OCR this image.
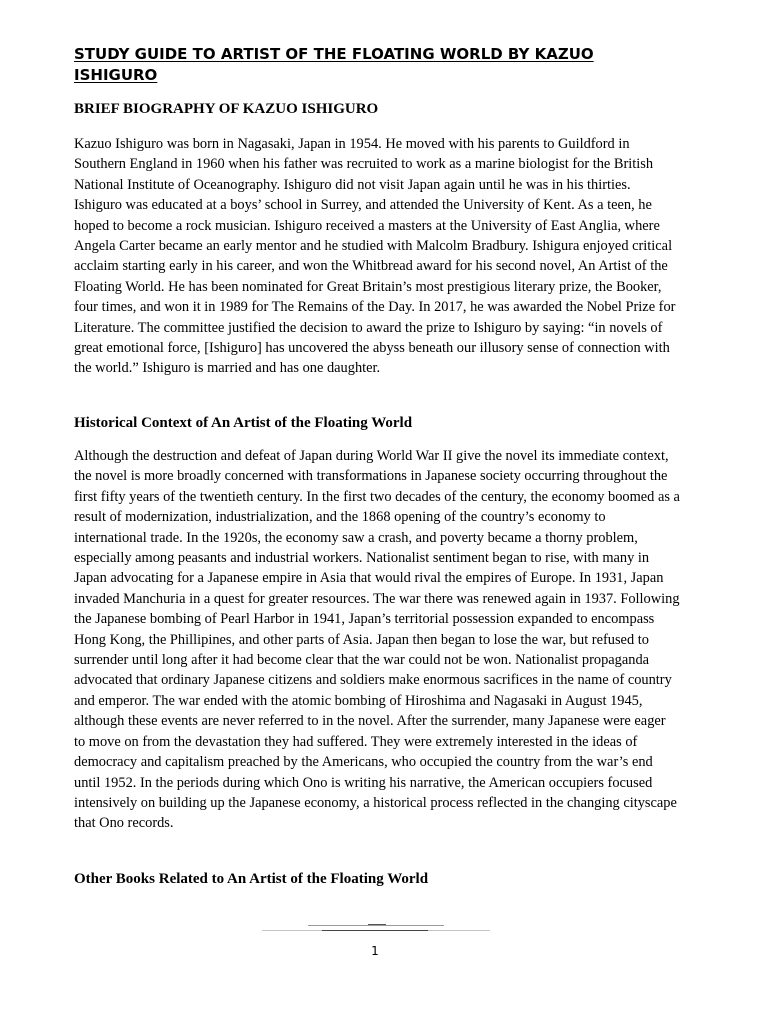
STUDY GUIDE TO ARTIST OF THE FLOATING WORLD BY KAZUO ISHIGURO
BRIEF BIOGRAPHY OF KAZUO ISHIGURO

Kazuo Ishiguro was born in Nagasaki, Japan in 1954. He moved with his parents to Guildford in Southern England in 1960 when his father was recruited to work as a marine biologist for the British National Institute of Oceanography. Ishiguro did not visit Japan again until he was in his thirties. Ishiguro was educated at a boys’ school in Surrey, and attended the University of Kent. As a teen, he hoped to become a rock musician. Ishiguro received a masters at the University of East Anglia, where Angela Carter became an early mentor and he studied with Malcolm Bradbury. Ishigura enjoyed critical acclaim starting early in his career, and won the Whitbread award for his second novel, An Artist of the Floating World. He has been nominated for Great Britain’s most prestigious literary prize, the Booker, four times, and won it in 1989 for The Remains of the Day. In 2017, he was awarded the Nobel Prize for Literature. The committee justified the decision to award the prize to Ishiguro by saying: “in novels of great emotional force, [Ishiguro] has uncovered the abyss beneath our illusory sense of connection with the world.” Ishiguro is married and has one daughter.

Historical Context of An Artist of the Floating World

Although the destruction and defeat of Japan during World War II give the novel its immediate context, the novel is more broadly concerned with transformations in Japanese society occurring throughout the first fifty years of the twentieth century. In the first two decades of the century, the economy boomed as a result of modernization, industrialization, and the 1868 opening of the country’s economy to international trade. In the 1920s, the economy saw a crash, and poverty became a thorny problem, especially among peasants and industrial workers. Nationalist sentiment began to rise, with many in Japan advocating for a Japanese empire in Asia that would rival the empires of Europe. In 1931, Japan invaded Manchuria in a quest for greater resources. The war there was renewed again in 1937. Following the Japanese bombing of Pearl Harbor in 1941, Japan’s territorial possession expanded to encompass Hong Kong, the Phillipines, and other parts of Asia. Japan then began to lose the war, but refused to surrender until long after it had become clear that the war could not be won. Nationalist propaganda advocated that ordinary Japanese citizens and soldiers make enormous sacrifices in the name of country and emperor. The war ended with the atomic bombing of Hiroshima and Nagasaki in August 1945, although these events are never referred to in the novel. After the surrender, many Japanese were eager to move on from the devastation they had suffered. They were extremely interested in the ideas of democracy and capitalism preached by the Americans, who occupied the country from the war’s end until 1952. In the periods during which Ono is writing his narrative, the American occupiers focused intensively on building up the Japanese economy, a historical process reflected in the changing cityscape that Ono records.

Other Books Related to An Artist of the Floating World
1
